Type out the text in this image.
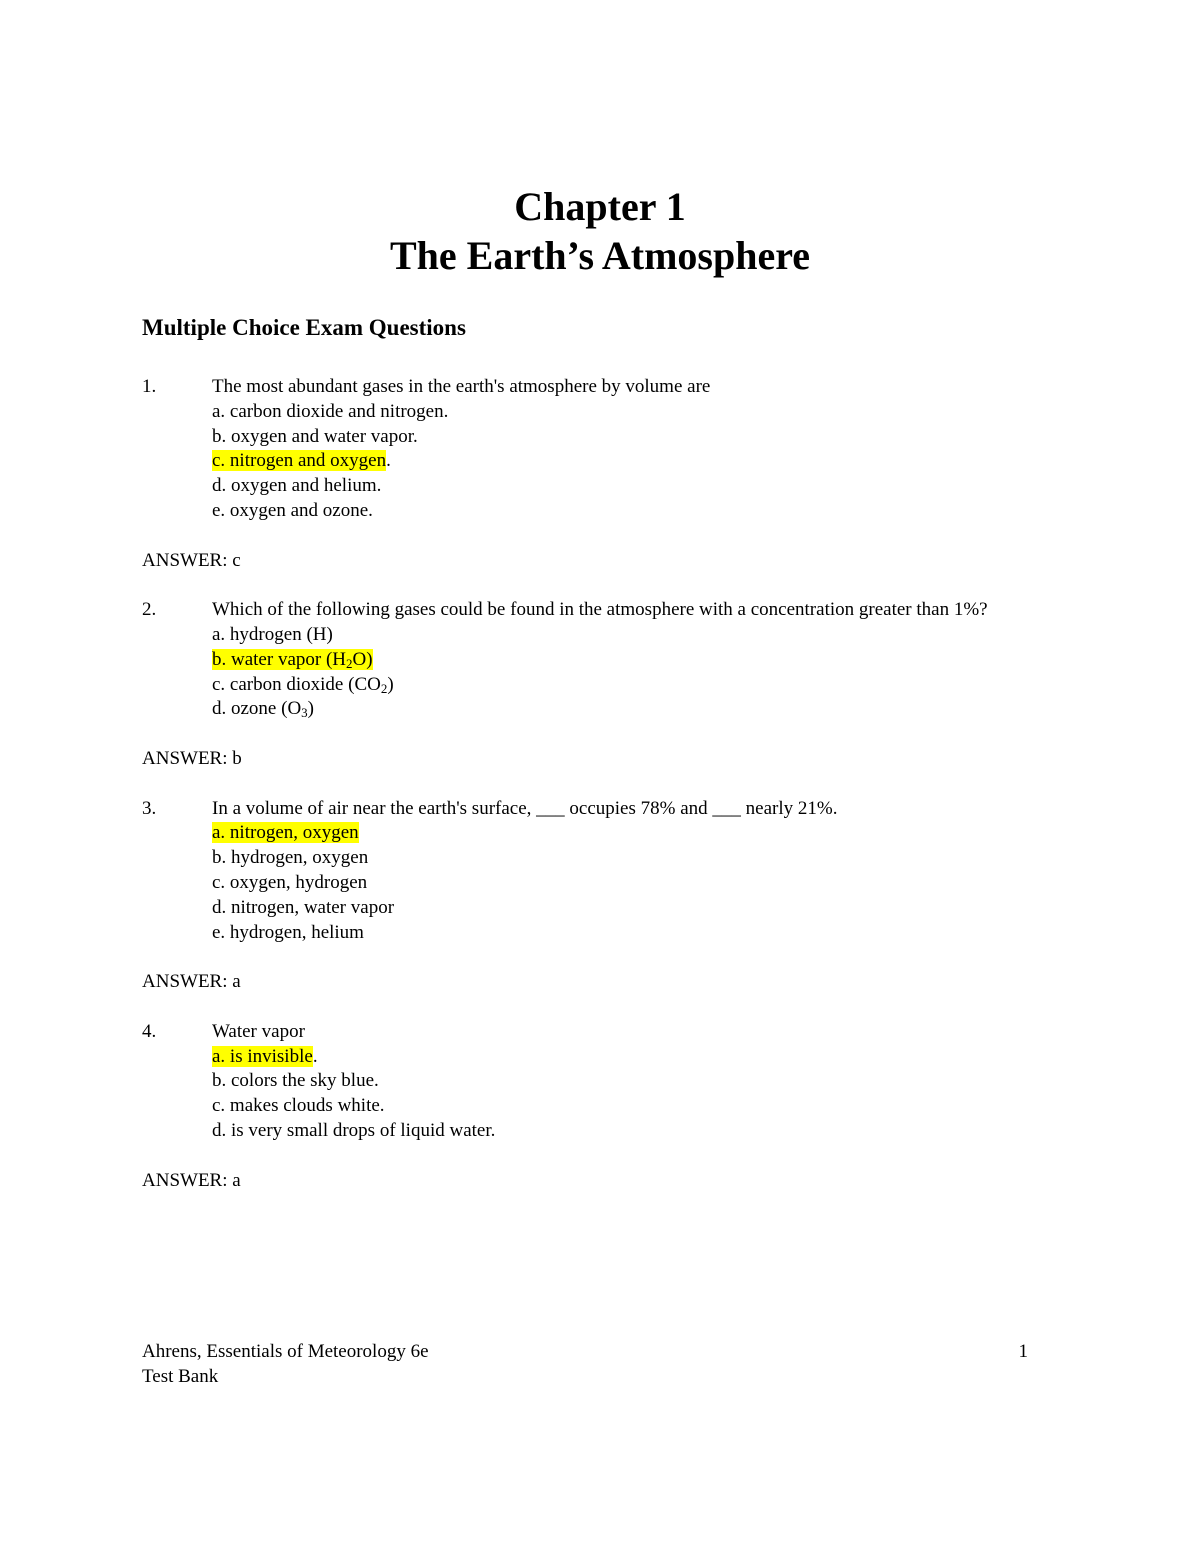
Chapter 1
The Earth’s Atmosphere
Multiple Choice Exam Questions
1.	The most abundant gases in the earth's atmosphere by volume are
a. carbon dioxide and nitrogen.
b. oxygen and water vapor.
c. nitrogen and oxygen.
d. oxygen and helium.
e. oxygen and ozone.
ANSWER: c
2.	Which of the following gases could be found in the atmosphere with a concentration greater than 1%?
a. hydrogen (H)
b. water vapor $(H_2O)$
c. carbon dioxide $(CO_2)$
d. ozone $(O_3)$
ANSWER: b
3.	In a volume of air near the earth's surface, ___ occupies 78% and ___ nearly 21%.
a. nitrogen, oxygen
b. hydrogen, oxygen
c. oxygen, hydrogen
d. nitrogen, water vapor
e. hydrogen, helium
ANSWER: a
4.	Water vapor
a. is invisible.
b. colors the sky blue.
c. makes clouds white.
d. is very small drops of liquid water.
ANSWER: a
Ahrens, Essentials of Meteorology 6e
Test Bank
1
